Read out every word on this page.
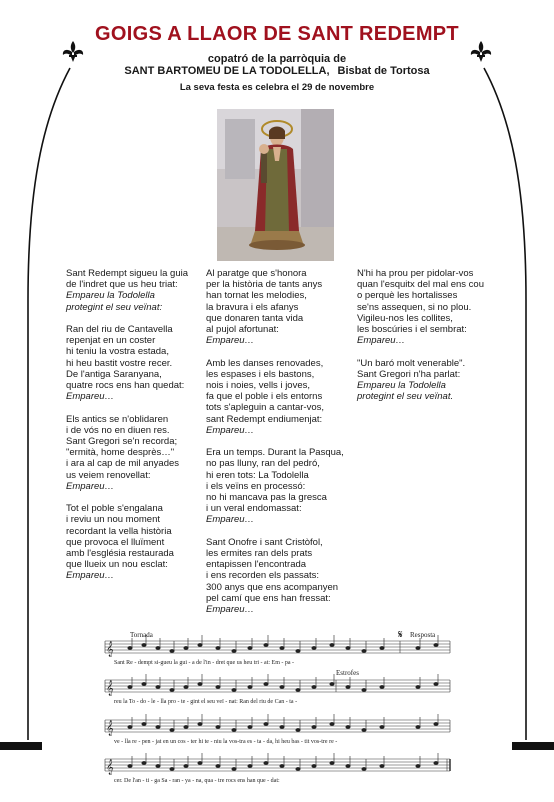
GOIGS A LLAOR DE SANT REDEMPT
copatró de la parròquia de
SANT BARTOMEU DE LA TODOLELLA, Bisbat de Tortosa
La seva festa es celebra el 29 de novembre

Sant Redempt sigueu la guia

de l'indret que us heu triat:

Empareu la Todolella

protegint el seu veïnat:

Ran del riu de Cantavella

repenjat en un coster

hi teniu la vostra estada,

hi heu bastit vostre recer.

De l'antiga Saranyana,

quatre rocs ens han quedat:

Empareu…

Els antics se n'oblidaren

i de vós no en diuen res.

Sant Gregori se'n recorda;

"ermità, home desprès…"

i ara al cap de mil anyades

us veiem renovellat:

Empareu…

Tot el poble s'engalana

i reviu un nou moment

recordant la vella història

que provoca el lluïment

amb l'església restaurada

que llueix un nou esclat:

Empareu…

Al paratge que s'honora

per la història de tants anys

han tornat les melodies,

la bravura i els afanys

que donaren tanta vida

al pujol afortunat:

Empareu…

Amb les danses renovades,

les espases i els bastons,

nois i noies, vells i joves,

fa que el poble i els entorns

tots s'apleguin a cantar-vos,

sant Redempt endiumenjat:

Empareu…

Era un temps. Durant la Pasqua,

no pas lluny, ran del pedró,

hi eren tots: La Todolella

i els veïns en processó:

no hi mancava pas la gresca

i un veral endomassat:

Empareu…

Sant Onofre i sant Cristòfol,

les ermites ran dels prats

entapissen l'encontrada

i ens recorden els passats:

300 anys que ens acompanyen

pel camí que ens han fressat:

Empareu…

N'hi ha prou per pidolar-vos

quan l'esquitx del mal ens cou

o perquè les hortalisses

se'ns assequen, si no plou.

Vigileu-nos les collites,

les boscúries i el sembrat:

Empareu…

"Un baró molt venerable".

Sant Gregori n'ha parlat:

Empareu la Todolella

protegint el seu veïnat.

𝄞
𝄞
𝄞
𝄞
Tornada	𝄋 Resposta
Estrofes
Sant Re - dempt si-gueu la gui - a de l'in - dret que us heu tri - at: Em - pa -
reu la To - do - le - lla pro - te - gint el seu veï - nat: Ran del riu de Can - ta -
ve - lla re - pen - jat en un cos - ter hi te - niu la vos-tra es - ta - da, hi heu bas - tit vos-tre re -
cer. De l'an - ti - ga Sa - ran - ya - na, qua - tre rocs ens han que - dat:
